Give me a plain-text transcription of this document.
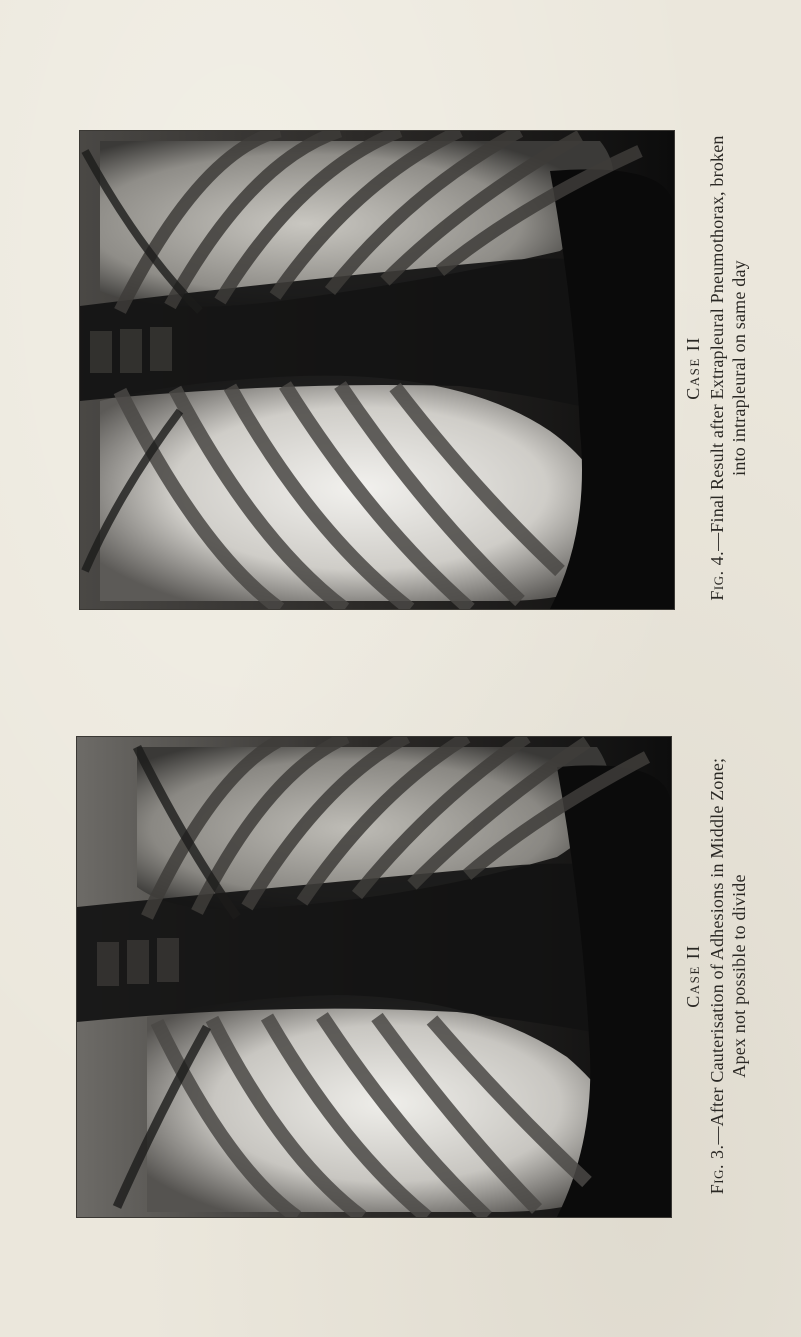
Case II
Fig. 4.—Final Result after Extrapleural Pneumothorax, broken into intrapleural on same day
Case II
Fig. 3.—After Cauterisation of Adhesions in Middle Zone; Apex not possible to divide
